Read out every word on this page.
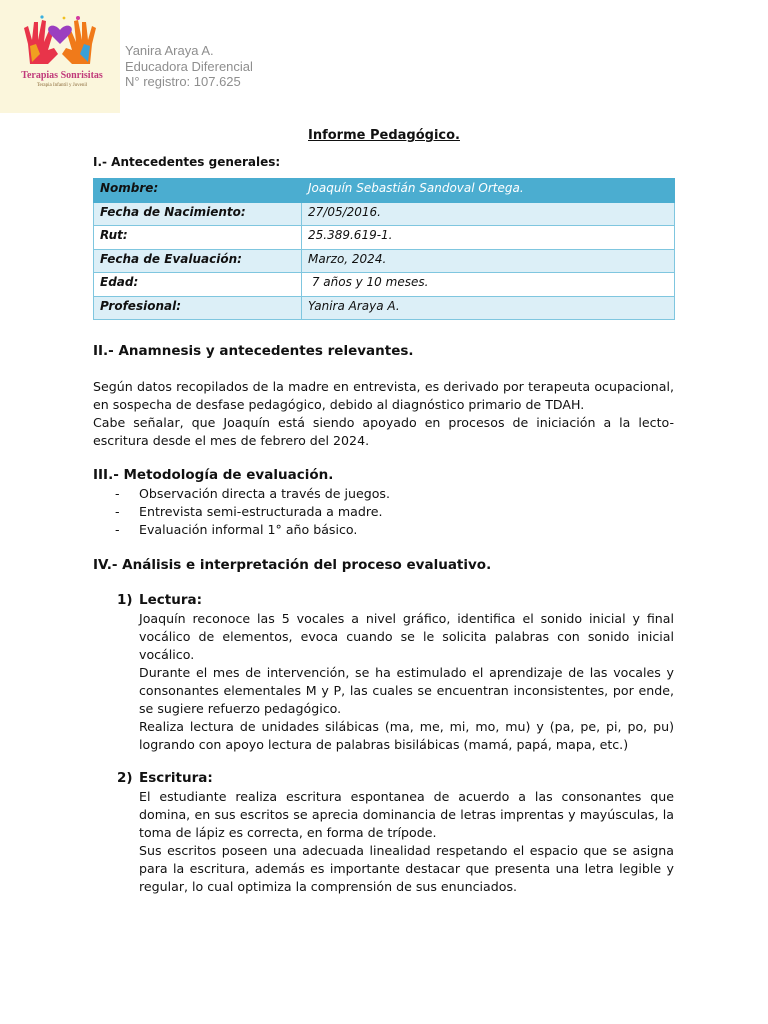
Terapias Sonrisitas
Terapia Infantil y Juvenil
Yanira Araya A.
Educadora Diferencial
N° registro: 107.625
Informe Pedagógico.
I.- Antecedentes generales:
Nombre:	Joaquín Sebastián Sandoval Ortega.
Fecha de Nacimiento:	27/05/2016.
Rut:	25.389.619-1.
Fecha de Evaluación:	Marzo, 2024.
Edad:	7 años y 10 meses.
Profesional:	Yanira Araya A.
II.- Anamnesis y antecedentes relevantes.

Según datos recopilados de la madre en entrevista, es derivado por terapeuta ocupacional, en sospecha de desfase pedagógico, debido al diagnóstico primario de TDAH.

Cabe señalar, que Joaquín está siendo apoyado en procesos de iniciación a la lecto-escritura desde el mes de febrero del 2024.

III.- Metodología de evaluación.
- Observación directa a través de juegos.
- Entrevista semi-estructurada a madre.
- Evaluación informal 1° año básico.
IV.- Análisis e interpretación del proceso evaluativo.
1) Lectura:

Joaquín reconoce las 5 vocales a nivel gráfico, identifica el sonido inicial y final vocálico de elementos, evoca cuando se le solicita palabras con sonido inicial vocálico.

Durante el mes de intervención, se ha estimulado el aprendizaje de las vocales y consonantes elementales M y P, las cuales se encuentran inconsistentes, por ende, se sugiere refuerzo pedagógico.

Realiza lectura de unidades silábicas (ma, me, mi, mo, mu) y (pa, pe, pi, po, pu) logrando con apoyo lectura de palabras bisilábicas (mamá, papá, mapa, etc.)

2) Escritura:

El estudiante realiza escritura espontanea de acuerdo a las consonantes que domina, en sus escritos se aprecia dominancia de letras imprentas y mayúsculas, la toma de lápiz es correcta, en forma de trípode.

Sus escritos poseen una adecuada linealidad respetando el espacio que se asigna para la escritura, además es importante destacar que presenta una letra legible y regular, lo cual optimiza la comprensión de sus enunciados.
